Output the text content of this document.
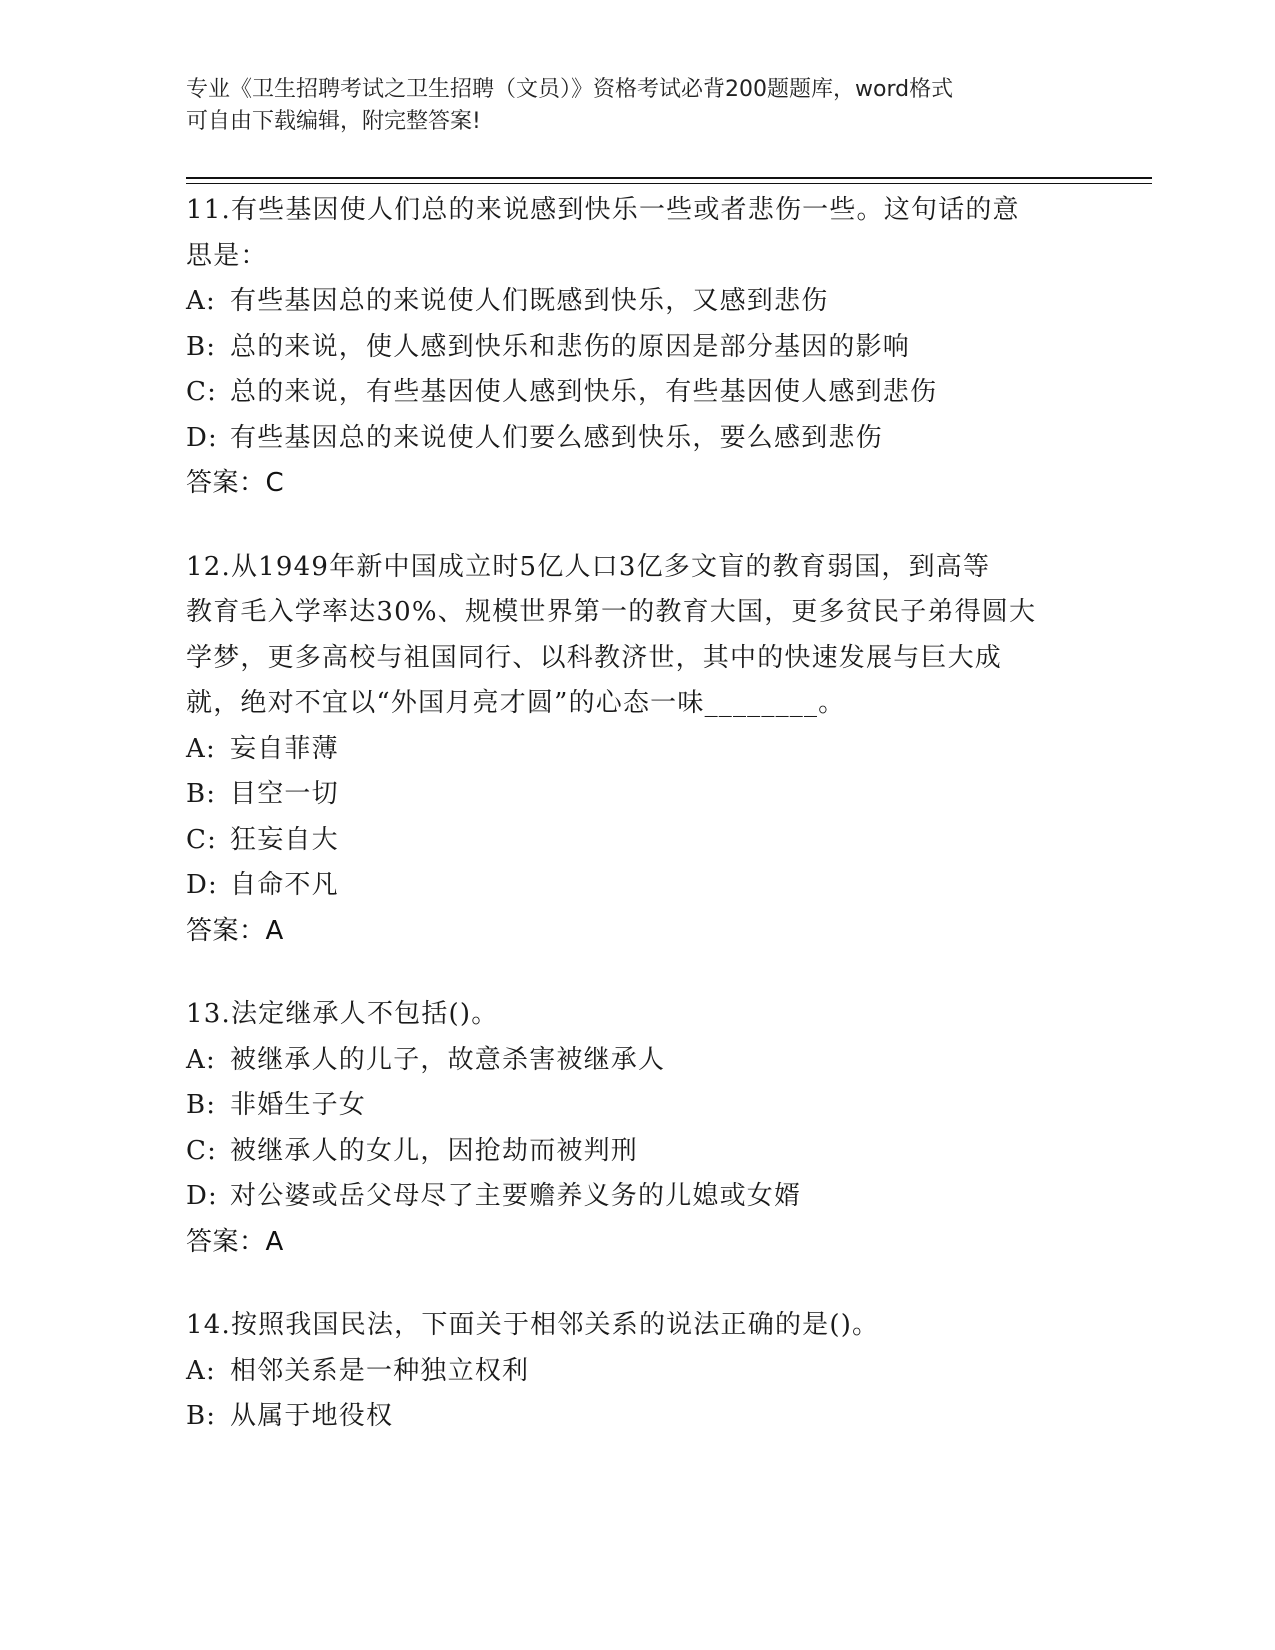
专业《卫生招聘考试之卫生招聘（文员）》资格考试必背200题题库，word格式
可自由下载编辑，附完整答案!
11.有些基因使人们总的来说感到快乐一些或者悲伤一些。这句话的意
思是：
A: 有些基因总的来说使人们既感到快乐，又感到悲伤
B: 总的来说，使人感到快乐和悲伤的原因是部分基因的影响
C: 总的来说，有些基因使人感到快乐，有些基因使人感到悲伤
D: 有些基因总的来说使人们要么感到快乐，要么感到悲伤
答案：C
12.从1949年新中国成立时5亿人口3亿多文盲的教育弱国，到高等
教育毛入学率达30%、规模世界第一的教育大国，更多贫民子弟得圆大
学梦，更多高校与祖国同行、以科教济世，其中的快速发展与巨大成
就，绝对不宜以“外国月亮才圆”的心态一味________。
A: 妄自菲薄
B: 目空一切
C: 狂妄自大
D: 自命不凡
答案：A
13.法定继承人不包括()。
A: 被继承人的儿子，故意杀害被继承人
B: 非婚生子女
C: 被继承人的女儿，因抢劫而被判刑
D: 对公婆或岳父母尽了主要赡养义务的儿媳或女婿
答案：A
14.按照我国民法，下面关于相邻关系的说法正确的是()。
A: 相邻关系是一种独立权利
B: 从属于地役权
